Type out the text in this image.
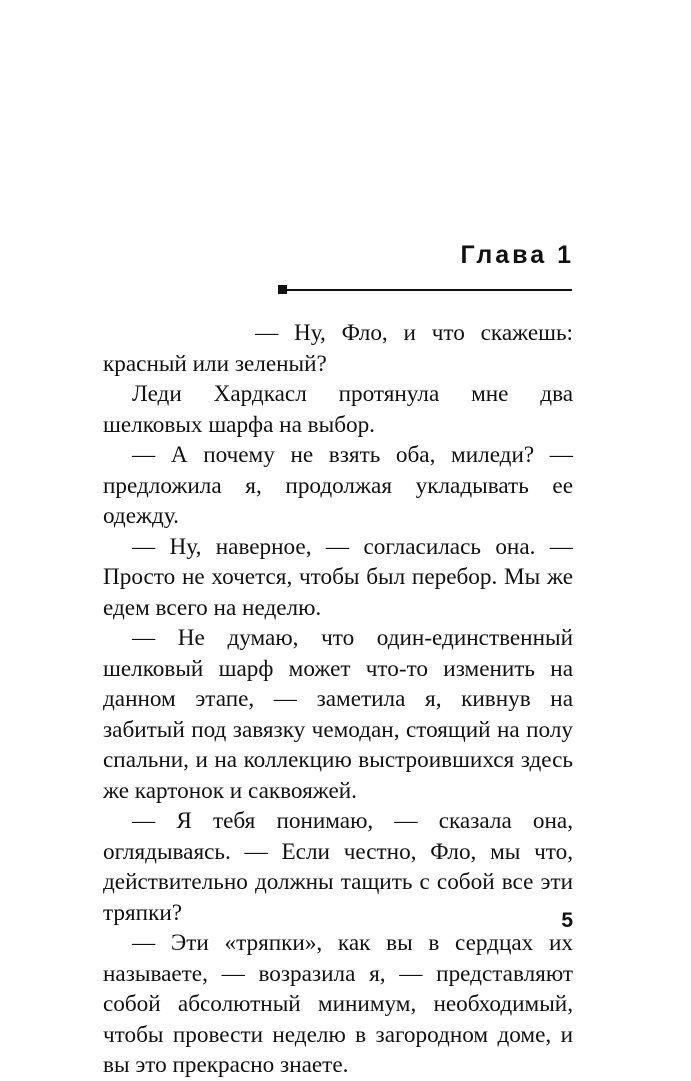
Глава 1

— Ну, Фло, и что скажешь: красный или зеленый?

Леди Хардкасл протянула мне два шелковых шарфа на выбор.

— А почему не взять оба, миледи? — предложила я, продолжая укладывать ее одежду.

— Ну, наверное, — согласилась она. — Просто не хочется, чтобы был перебор. Мы же едем всего на неделю.

— Не думаю, что один-единственный шелковый шарф может что-то изменить на данном этапе, — заметила я, кивнув на забитый под завязку чемодан, стоящий на полу спальни, и на коллекцию выстроившихся здесь же картонок и саквояжей.

— Я тебя понимаю, — сказала она, оглядываясь. — Если честно, Фло, мы что, действительно должны тащить с собой все эти тряпки?

— Эти «тряпки», как вы в сердцах их называете, — возразила я, — представляют собой абсолютный минимум, необходимый, чтобы провести неделю в загородном доме, и вы это прекрасно знаете.

5
